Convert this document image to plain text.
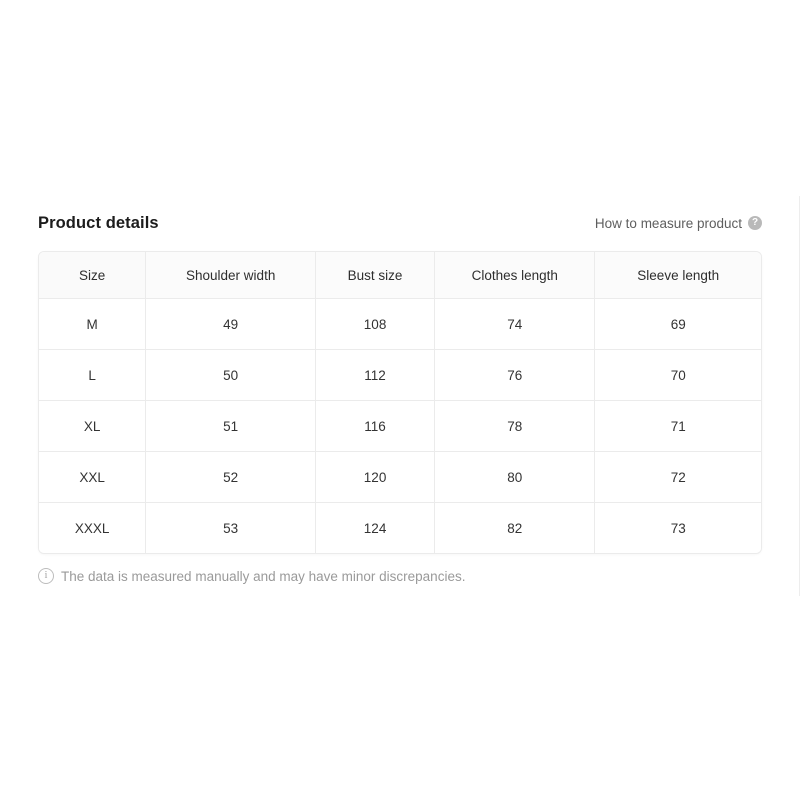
Product details	How to measure product ?
Size	Shoulder width	Bust size	Clothes length	Sleeve length
M	49	108	74	69
L	50	112	76	70
XL	51	116	78	71
XXL	52	120	80	72
XXXL	53	124	82	73
i	The data is measured manually and may have minor discrepancies.
